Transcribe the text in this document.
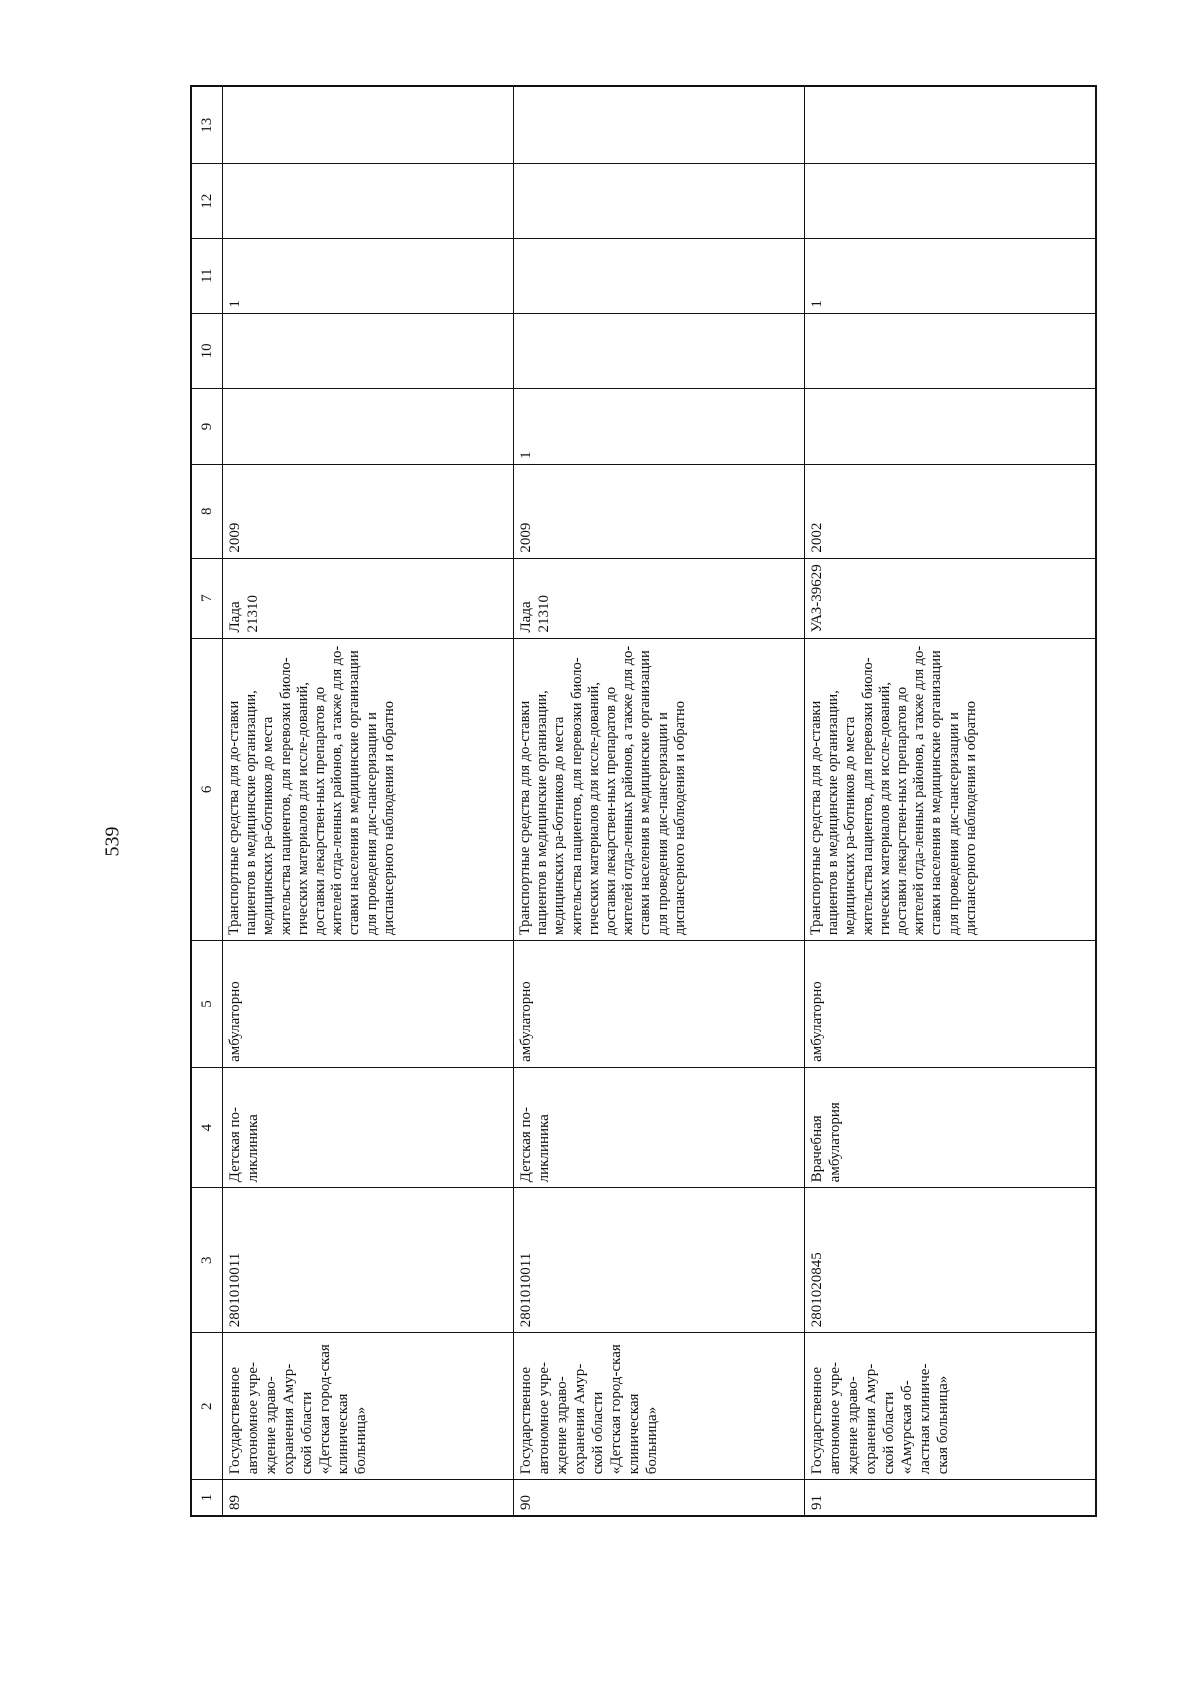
539
1	2	3	4	5	6	7	8	9	10	11	12	13
89	Государственное автономное учре-ждение здраво-охранения Амур-ской области «Детская город-ская клиническая больница»	2801010011	Детская по-ликлиника	амбулаторно	Транспортные средства для до-ставки пациентов в медицинские организации, медицинских ра-ботников до места жительства пациентов, для перевозки биоло-гических материалов для иссле-дований, доставки лекарствен-ных препаратов до жителей отда-ленных районов, а также для до-ставки населения в медицинские организации для проведения дис-пансеризации и диспансерного наблюдения и обратно	Лада 21310	2009			1		
90	Государственное автономное учре-ждение здраво-охранения Амур-ской области «Детская город-ская клиническая больница»	2801010011	Детская по-ликлиника	амбулаторно	Транспортные средства для до-ставки пациентов в медицинские организации, медицинских ра-ботников до места жительства пациентов, для перевозки биоло-гических материалов для иссле-дований, доставки лекарствен-ных препаратов до жителей отда-ленных районов, а также для до-ставки населения в медицинские организации для проведения дис-пансеризации и диспансерного наблюдения и обратно	Лада 21310	2009	1				
91	Государственное автономное учре-ждение здраво-охранения Амур-ской области «Амурская об-ластная клиниче-ская больница»	2801020845	Врачебная амбулатория	амбулаторно	Транспортные средства для до-ставки пациентов в медицинские организации, медицинских ра-ботников до места жительства пациентов, для перевозки биоло-гических материалов для иссле-дований, доставки лекарствен-ных препаратов до жителей отда-ленных районов, а также для до-ставки населения в медицинские организации для проведения дис-пансеризации и диспансерного наблюдения и обратно	УАЗ-39629	2002			1		
